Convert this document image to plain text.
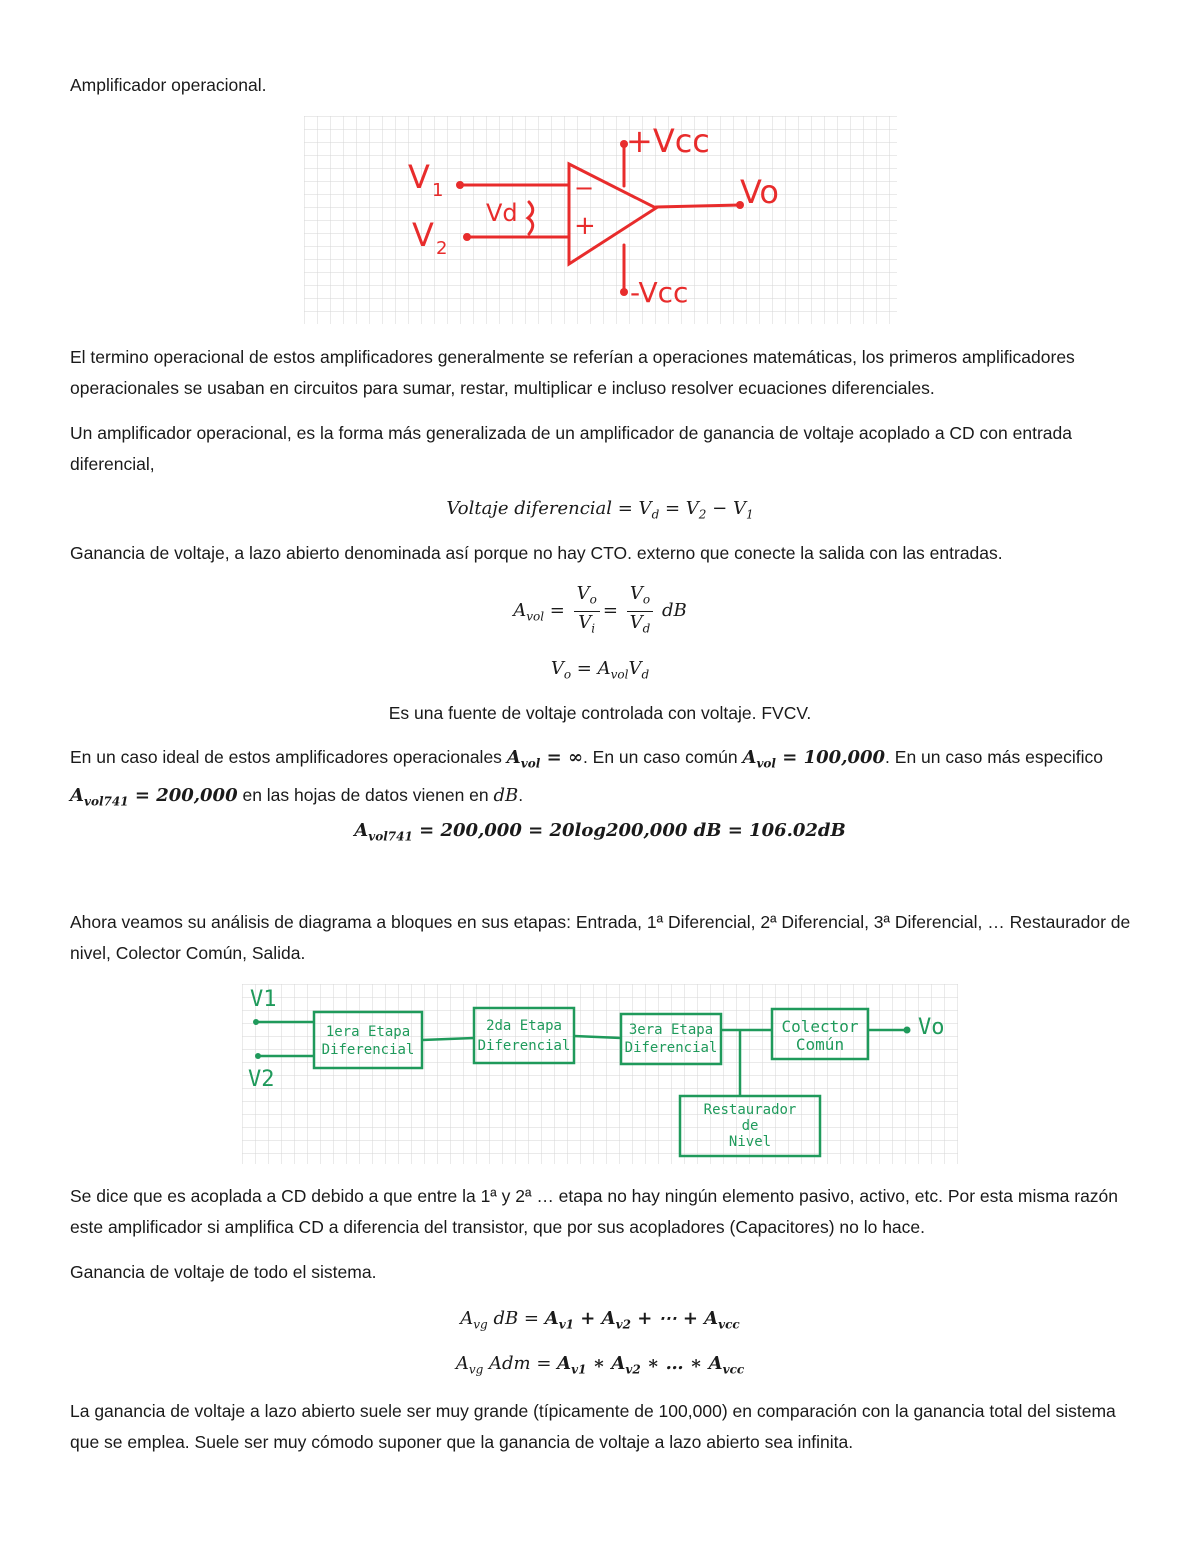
Amplificador operacional.

V 1
V 2
Vd
Vo
+Vcc
-Vcc
−
+

El termino operacional de estos amplificadores generalmente se referían a operaciones matemáticas, los primeros amplificadores operacionales se usaban en circuitos para sumar, restar, multiplicar e incluso resolver ecuaciones diferenciales.

Un amplificador operacional, es la forma más generalizada de un amplificador de ganancia de voltaje acoplado a CD con entrada diferencial,

Voltaje diferencial = $V_d = V_2 - V_1$

Ganancia de voltaje, a lazo abierto denominada así porque no hay CTO. externo que conecte la salida con las entradas.

$A_{vol} = \frac{V_o}{V_i} = \frac{V_o}{V_d}$ dB

$V_o = A_{vol}V_d$

Es una fuente de voltaje controlada con voltaje. FVCV.

En un caso ideal de estos amplificadores operacionales $A_{vol}$ = ∞. En un caso común $A_{vol} = 100,000$. En un caso más especifico $A_{vol741} = 200,000$ en las hojas de datos vienen en dB.

$A_{vol741} = 200,000 = 20\log 200,000$ dB = 106.02dB

Ahora veamos su análisis de diagrama a bloques en sus etapas: Entrada, 1ª Diferencial, 2ª Diferencial, 3ª Diferencial, … Restaurador de nivel, Colector Común, Salida.

V1
V2
Vo
1era Etapa
Diferencial
2da Etapa
Diferencial
3era Etapa
Diferencial
Colector
Común
Restaurador
de
Nivel

Se dice que es acoplada a CD debido a que entre la 1ª y 2ª … etapa no hay ningún elemento pasivo, activo, etc. Por esta misma razón este amplificador si amplifica CD a diferencia del transistor, que por sus acopladores (Capacitores) no lo hace.

Ganancia de voltaje de todo el sistema.

$A_{vg}$ dB = $A_{v1} + A_{v2}$ + ⋯ + $A_{vcc}$

$A_{vg}$ Adm = $A_{v1}$ ∗ $A_{v2}$ ∗ … ∗ $A_{vcc}$

La ganancia de voltaje a lazo abierto suele ser muy grande (típicamente de 100,000) en comparación con la ganancia total del sistema que se emplea. Suele ser muy cómodo suponer que la ganancia de voltaje a lazo abierto sea infinita.
